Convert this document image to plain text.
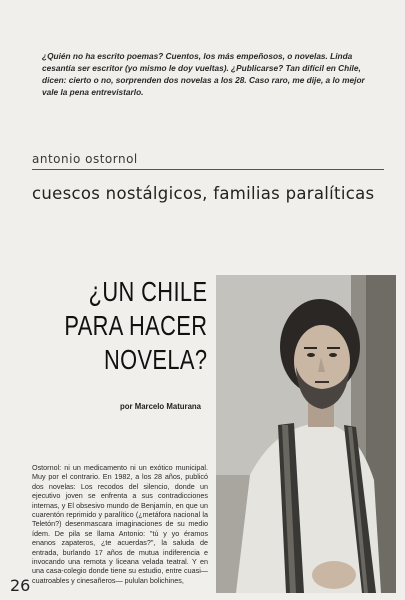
¿Quién no ha escrito poemas? Cuentos, los más empeñosos, o novelas. Linda cesantía ser escritor (yo mismo le doy vueltas). ¿Publicarse? Tan difícil en Chile, dicen: cierto o no, sorprenden dos novelas a los 28. Caso raro, me dije, a lo mejor vale la pena entrevistarlo.
antonio ostornol
cuescos nostálgicos, familias paralíticas
¿UN CHILE
PARA HACER
NOVELA?
por Marcelo Maturana
Ostornol: ni un medicamento ni un exótico municipal. Muy por el contrario. En 1982, a los 28 años, publicó dos novelas: Los recodos del silencio, donde un ejecutivo joven se enfrenta a sus contradicciones internas, y El obsesivo mundo de Benjamín, en que un cuarentón reprimido y paralítico (¿metáfora nacional la Teletón?) desenmascara imaginaciones de su medio ídem. De pila se llama Antonio: "tú y yo éramos enanos zapateros, ¿te acuerdas?", la saluda de entrada, burlando 17 años de mutua indiferencia e invocando una remota y liceana velada teatral. Y en una casa-colegio donde tiene su estudio, entre cuasi—cuatroables y cinesañeros— pululan bolichines,
26
